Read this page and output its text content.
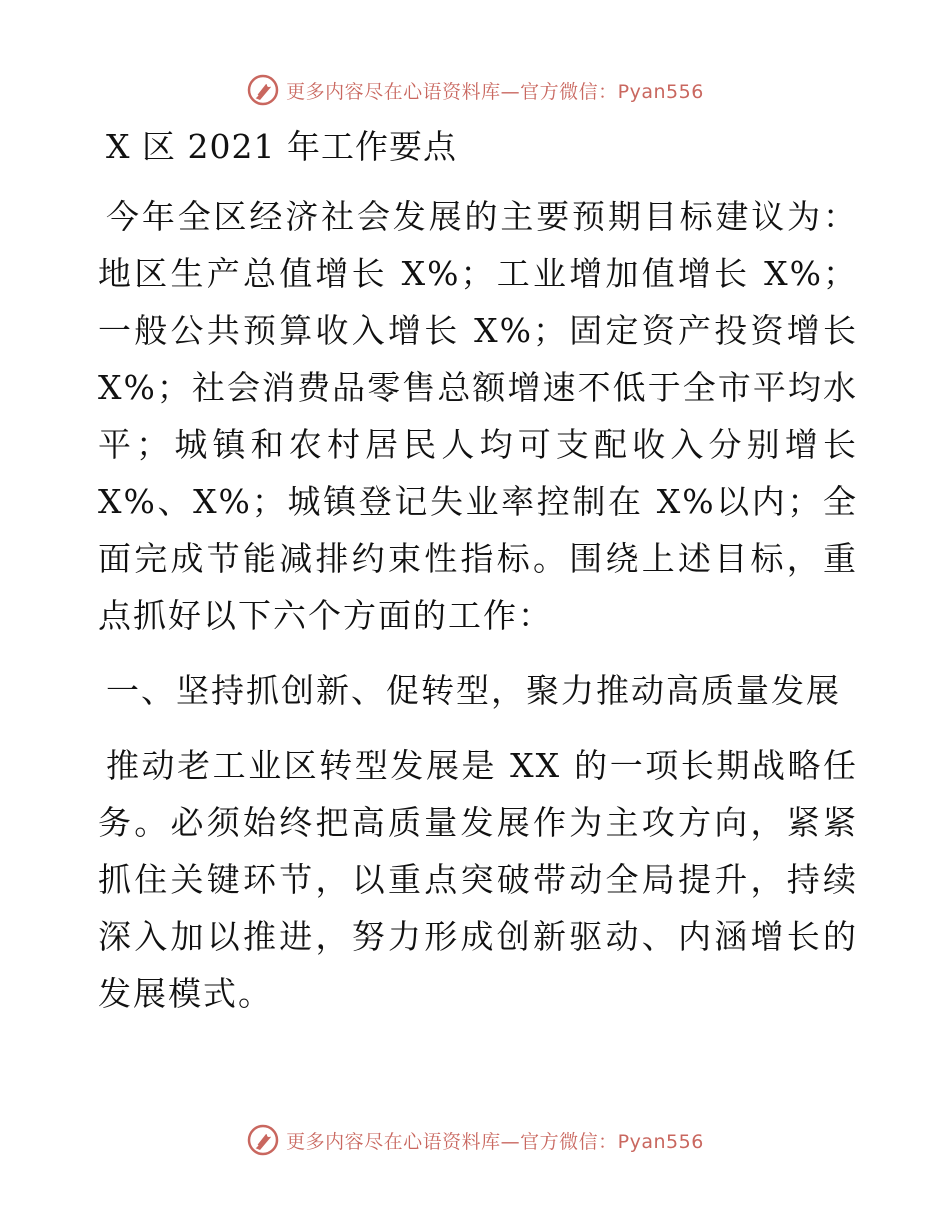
更多内容尽在心语资料库—官方微信：Pyan556
X 区 2021 年工作要点

今年全区经济社会发展的主要预期目标建议为：地区生产总值增长 X%；工业增加值增长 X%；一般公共预算收入增长 X%；固定资产投资增长 X%；社会消费品零售总额增速不低于全市平均水平；城镇和农村居民人均可支配收入分别增长 X%、X%；城镇登记失业率控制在 X%以内；全面完成节能减排约束性指标。围绕上述目标，重点抓好以下六个方面的工作：

一、坚持抓创新、促转型，聚力推动高质量发展

推动老工业区转型发展是 XX 的一项长期战略任务。必须始终把高质量发展作为主攻方向，紧紧抓住关键环节，以重点突破带动全局提升，持续深入加以推进，努力形成创新驱动、内涵增长的发展模式。

更多内容尽在心语资料库—官方微信：Pyan556
